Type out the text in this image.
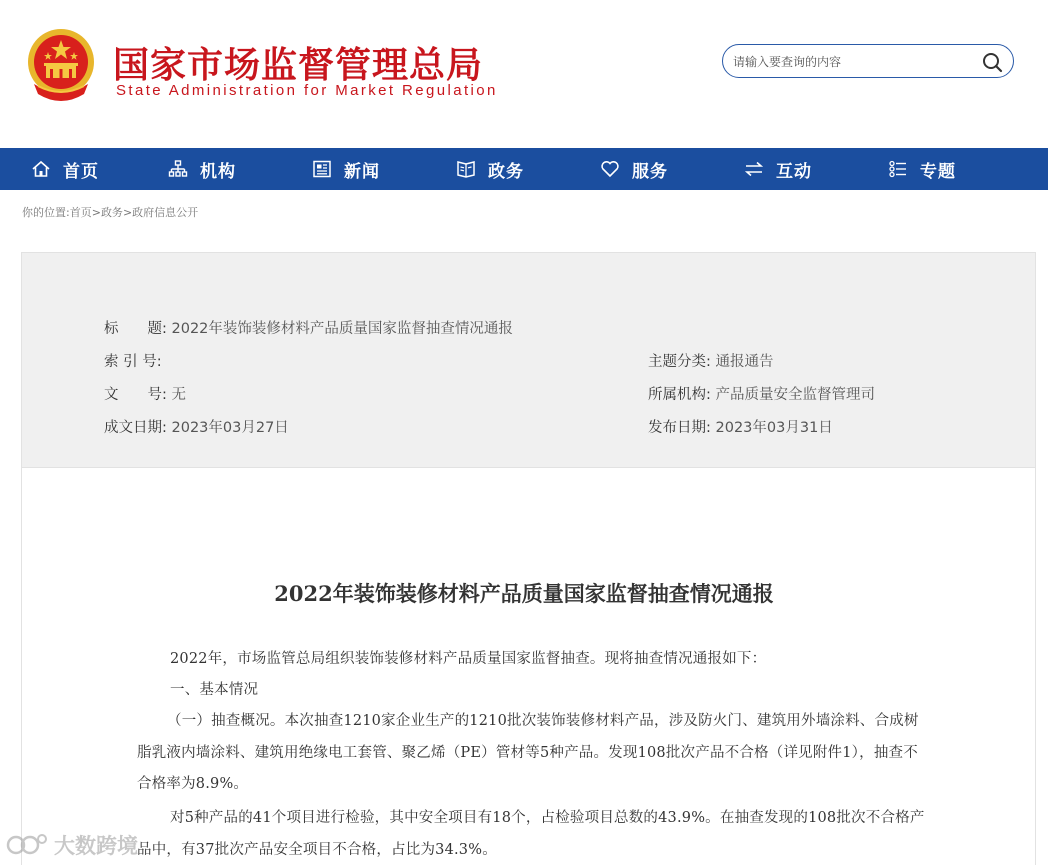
国家市场监督管理总局
State Administration for Market Regulation
请输入要查询的内容
首页	机构	新闻	政务	服务	互动	专题
你的位置:首页>政务>政府信息公开
标　　题: 2022年装饰装修材料产品质量国家监督抽查情况通报
索 引 号:	主题分类: 通报通告
文　　号: 无	所属机构: 产品质量安全监督管理司
成文日期: 2023年03月27日	发布日期: 2023年03月31日
2022年装饰装修材料产品质量国家监督抽查情况通报

2022年，市场监管总局组织装饰装修材料产品质量国家监督抽查。现将抽查情况通报如下：

一、基本情况

（一）抽查概况。本次抽查1210家企业生产的1210批次装饰装修材料产品，涉及防火门、建筑用外墙涂料、合成树脂乳液内墙涂料、建筑用绝缘电工套管、聚乙烯（PE）管材等5种产品。发现108批次产品不合格（详见附件1），抽查不合格率为8.9%。

对5种产品的41个项目进行检验，其中安全项目有18个，占检验项目总数的43.9%。在抽查发现的108批次不合格产品中，有37批次产品安全项目不合格，占比为34.3%。

大数跨境
